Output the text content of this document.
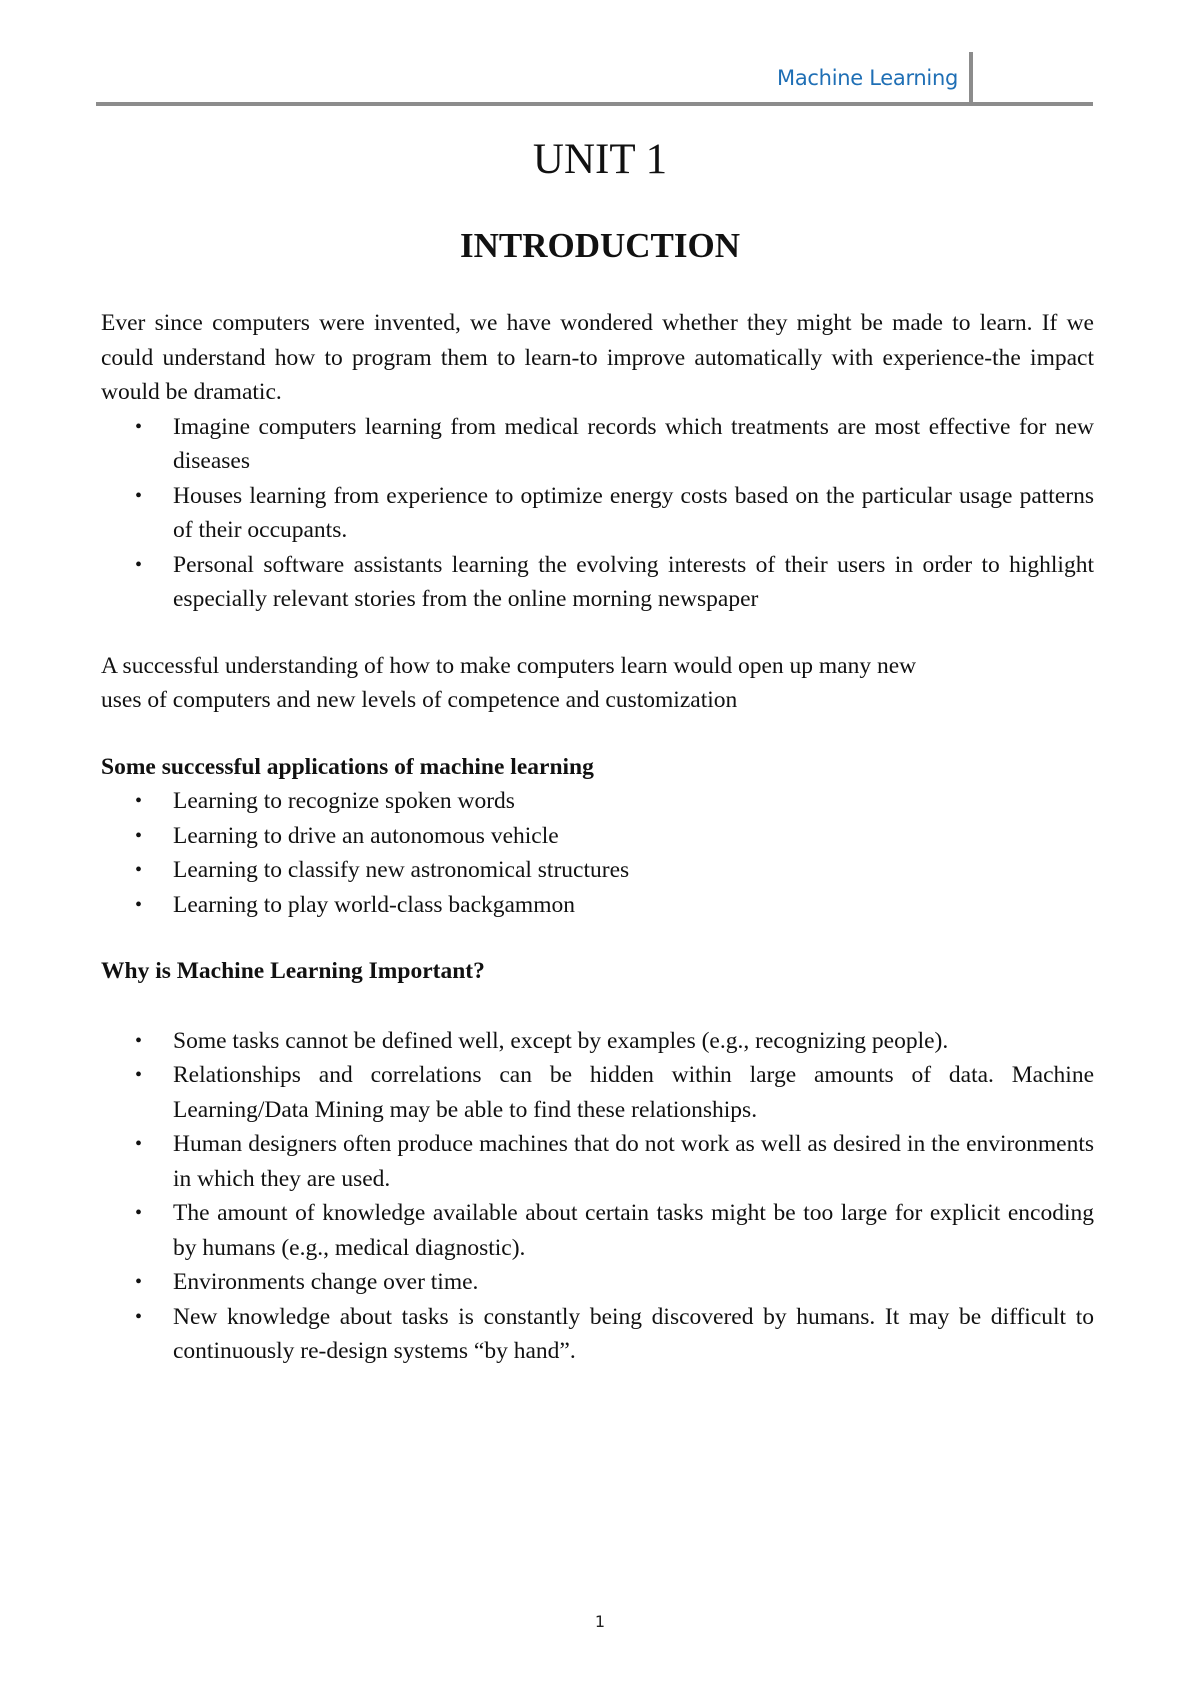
Machine Learning
UNIT 1
INTRODUCTION

Ever since computers were invented, we have wondered whether they might be made to learn. If we could understand how to program them to learn-to improve automatically with experience-the impact would be dramatic.

• Imagine computers learning from medical records which treatments are most effective for new diseases
• Houses learning from experience to optimize energy costs based on the particular usage patterns of their occupants.
• Personal software assistants learning the evolving interests of their users in order to highlight especially relevant stories from the online morning newspaper

A successful understanding of how to make computers learn would open up many new

uses of computers and new levels of competence and customization

Some successful applications of machine learning
• Learning to recognize spoken words
• Learning to drive an autonomous vehicle
• Learning to classify new astronomical structures
• Learning to play world-class backgammon
Why is Machine Learning Important?
• Some tasks cannot be defined well, except by examples (e.g., recognizing people).
• Relationships and correlations can be hidden within large amounts of data. Machine Learning/Data Mining may be able to find these relationships.
• Human designers often produce machines that do not work as well as desired in the environments in which they are used.
• The amount of knowledge available about certain tasks might be too large for explicit encoding by humans (e.g., medical diagnostic).
• Environments change over time.
• New knowledge about tasks is constantly being discovered by humans. It may be difficult to continuously re-design systems “by hand”.
1
